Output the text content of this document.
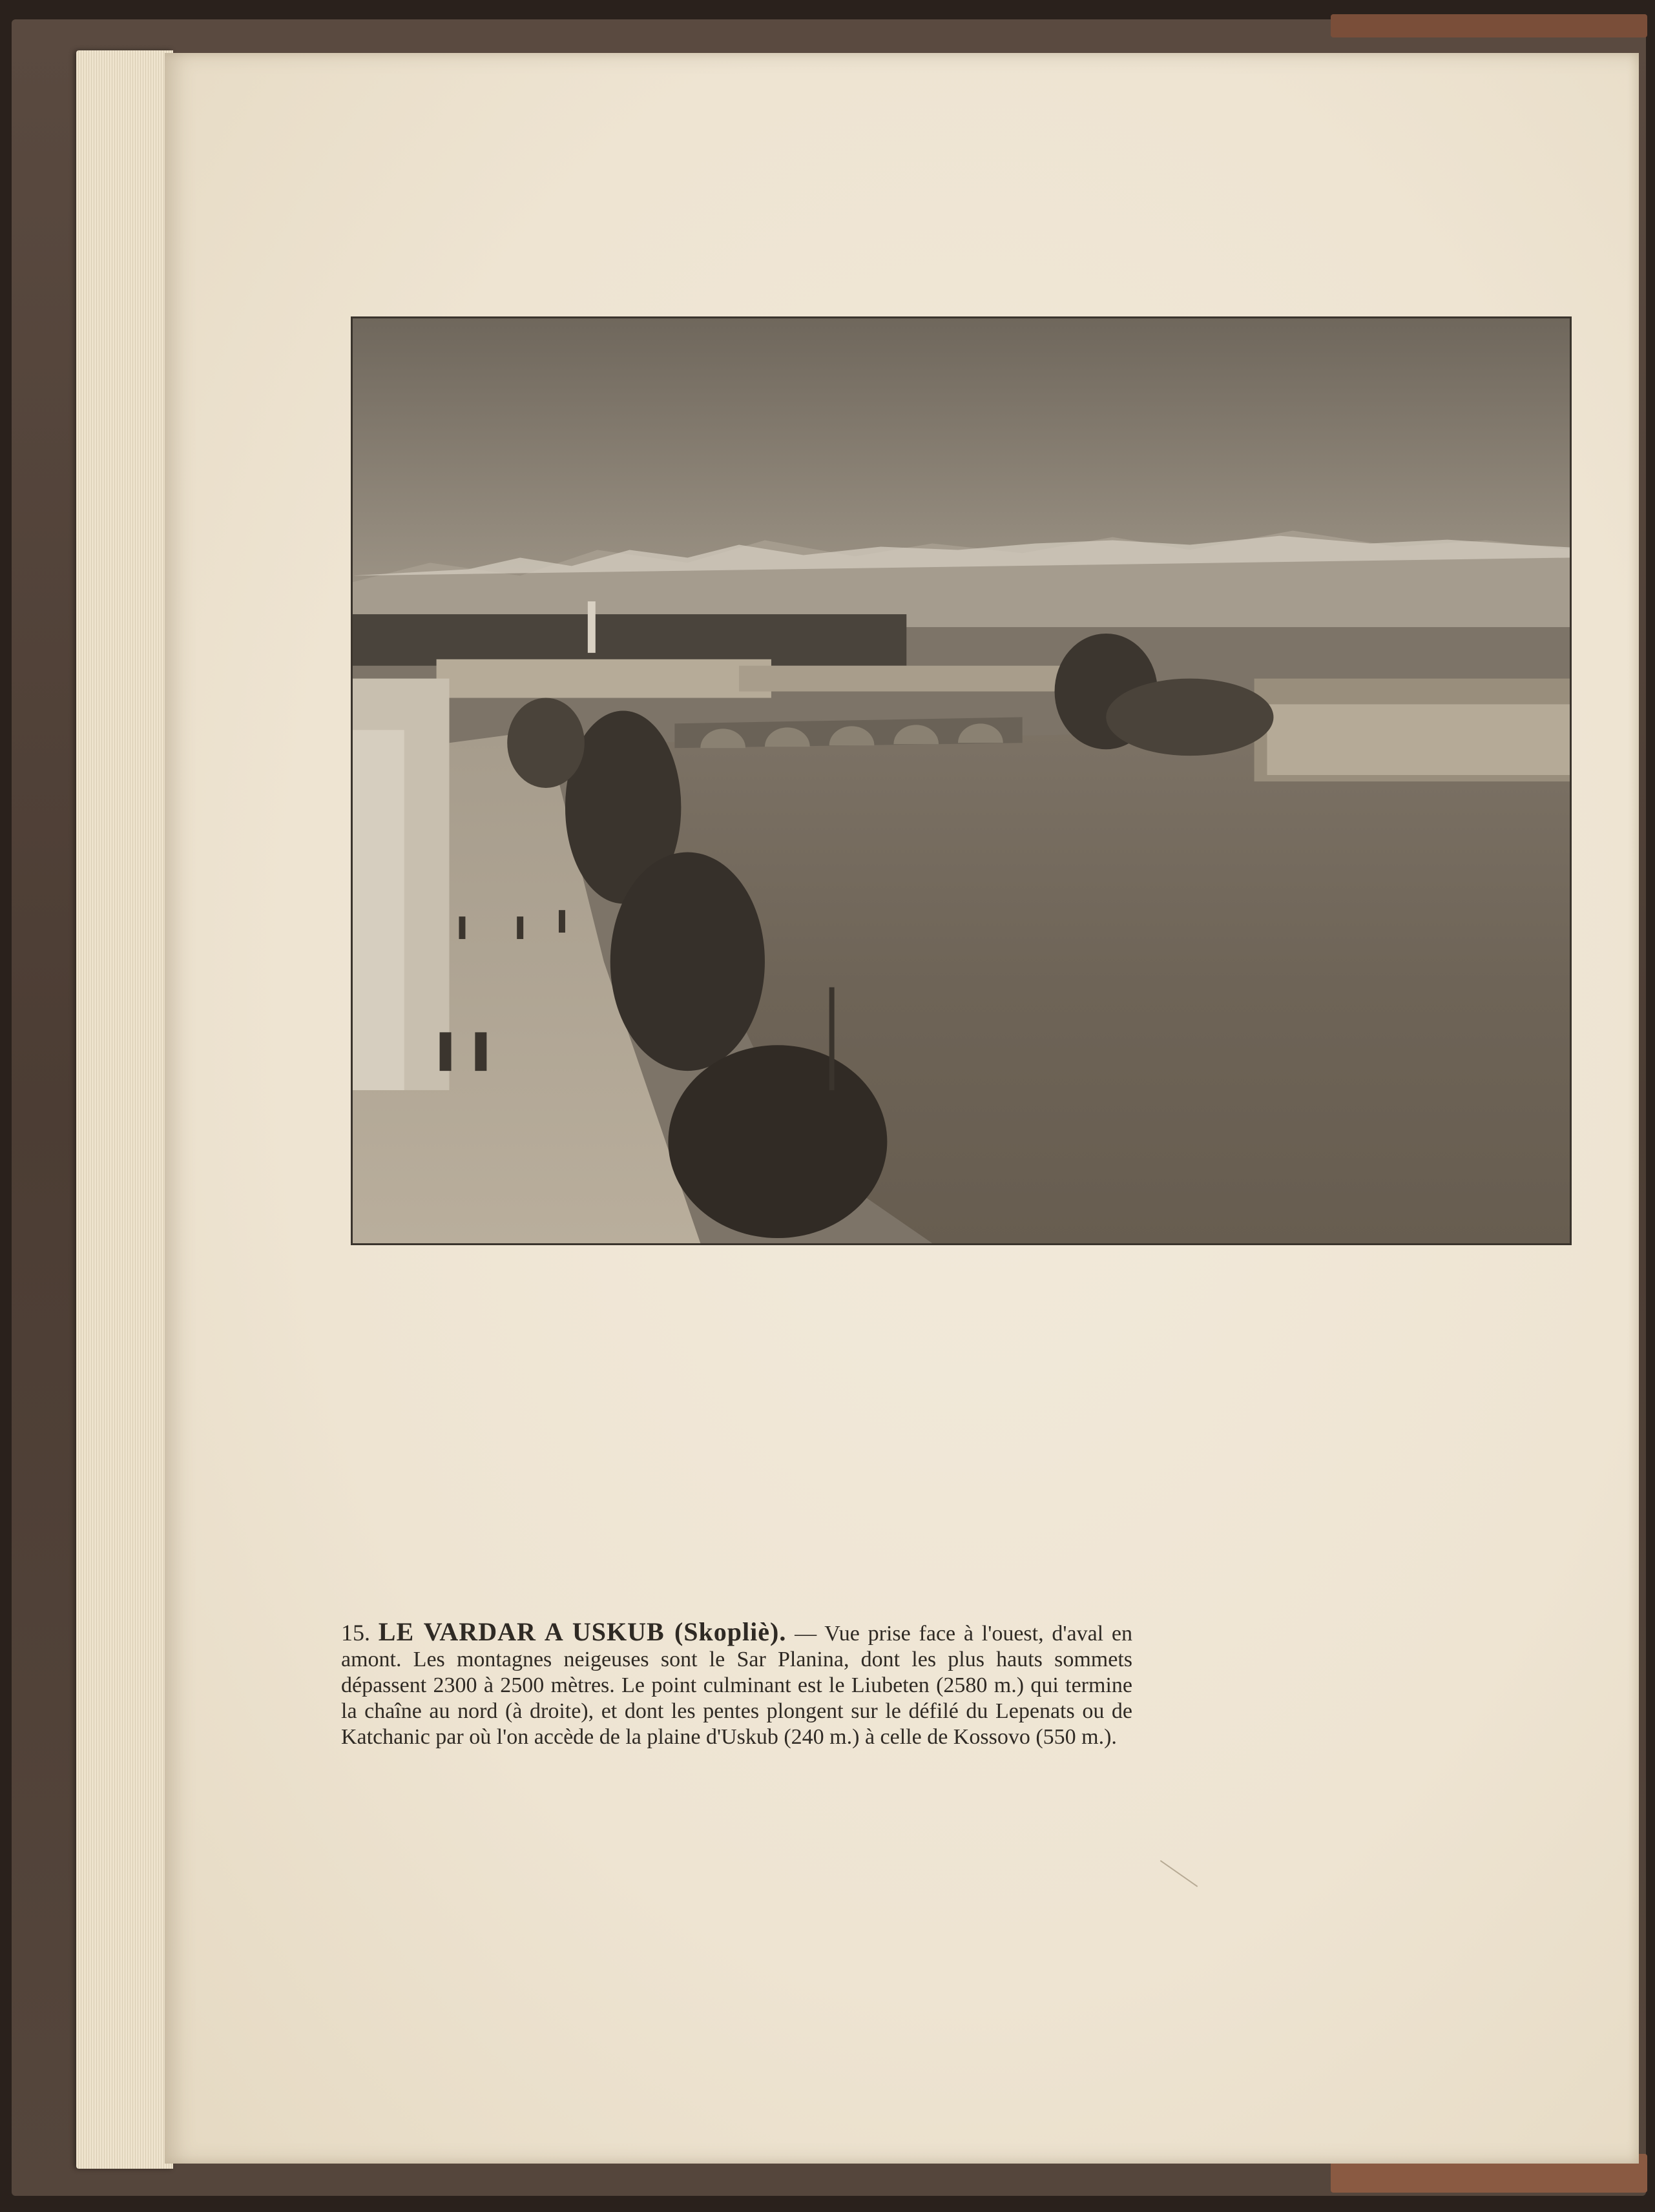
15. LE VARDAR A USKUB (Skopliè). — Vue prise face à l'ouest, d'aval en amont. Les montagnes neigeuses sont le Sar Planina, dont les plus hauts sommets dépassent 2300 à 2500 mètres. Le point culminant est le Liubeten (2580 m.) qui termine la chaîne au nord (à droite), et dont les pentes plongent sur le défilé du Lepenats ou de Katchanic par où l'on accède de la plaine d'Uskub (240 m.) à celle de Kossovo (550 m.).
